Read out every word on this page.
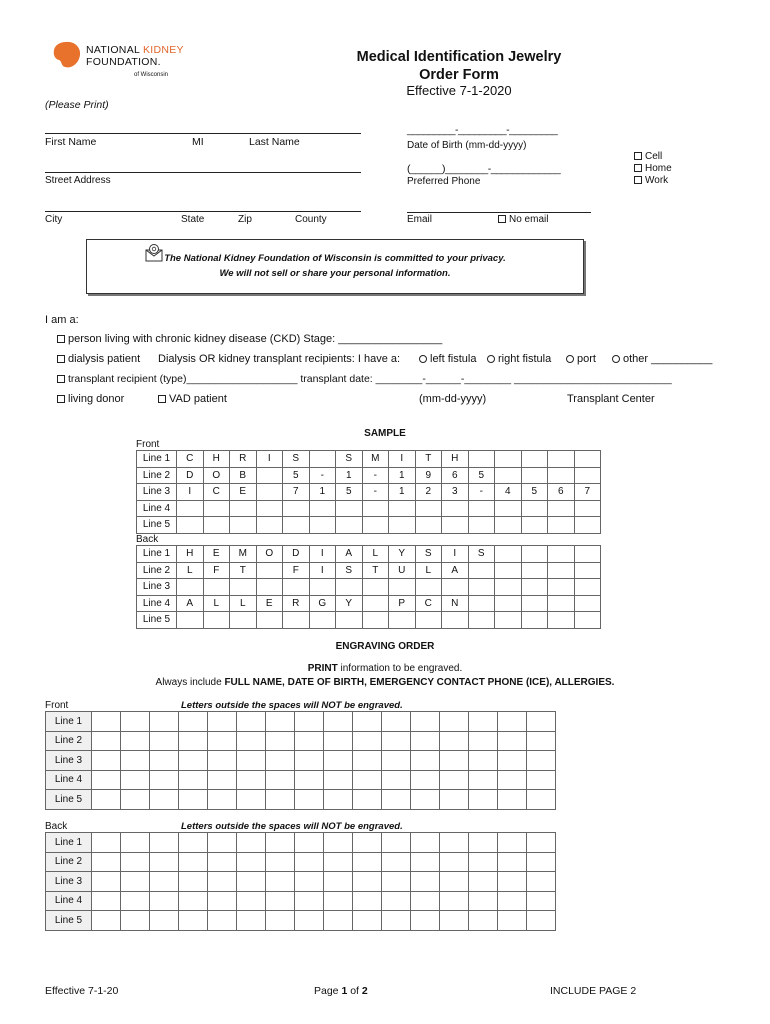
NATIONAL KIDNEY
FOUNDATION.
of Wisconsin
Medical Identification Jewelry
Order Form
Effective 7-1-2020
(Please Print)
First Name	MI	Last Name
_________-_________-_________
Date of Birth (mm-dd-yyyy)
Street Address
(______)________-_____________
Preferred Phone
Cell
Home
Work
City	State	Zip	County	Email	No email
The National Kidney Foundation of Wisconsin is committed to your privacy.
We will not sell or share your personal information.
I am a:
person living with chronic kidney disease (CKD) Stage: _________________
dialysis patient Dialysis OR kidney transplant recipients: I have a:	left fistula	right fistula	port	other __________
transplant recipient (type)___________________ transplant date: ________-______-________ ___________________________
living donor	VAD patient	(mm-dd-yyyy)	Transplant Center
SAMPLE
Front
Line 1	C	H	R	I	S		S	M	I	T	H					
Line 2	D	O	B		5	-	1	-	1	9	6	5				
Line 3	I	C	E		7	1	5	-	1	2	3	-	4	5	6	7
Line 4																
Line 5																
Back
Line 1	H	E	M	O	D	I	A	L	Y	S	I	S				
Line 2	L	F	T		F	I	S	T	U	L	A					
Line 3																
Line 4	A	L	L	E	R	G	Y		P	C	N					
Line 5																
ENGRAVING ORDER
PRINT information to be engraved.
Always include FULL NAME, DATE OF BIRTH, EMERGENCY CONTACT PHONE (ICE), ALLERGIES.
Front	Letters outside the spaces will NOT be engraved.
Line 1																
Line 2																
Line 3																
Line 4																
Line 5																
Back	Letters outside the spaces will NOT be engraved.
Line 1																
Line 2																
Line 3																
Line 4																
Line 5																
Effective 7-1-20	Page 1 of 2	INCLUDE PAGE 2
